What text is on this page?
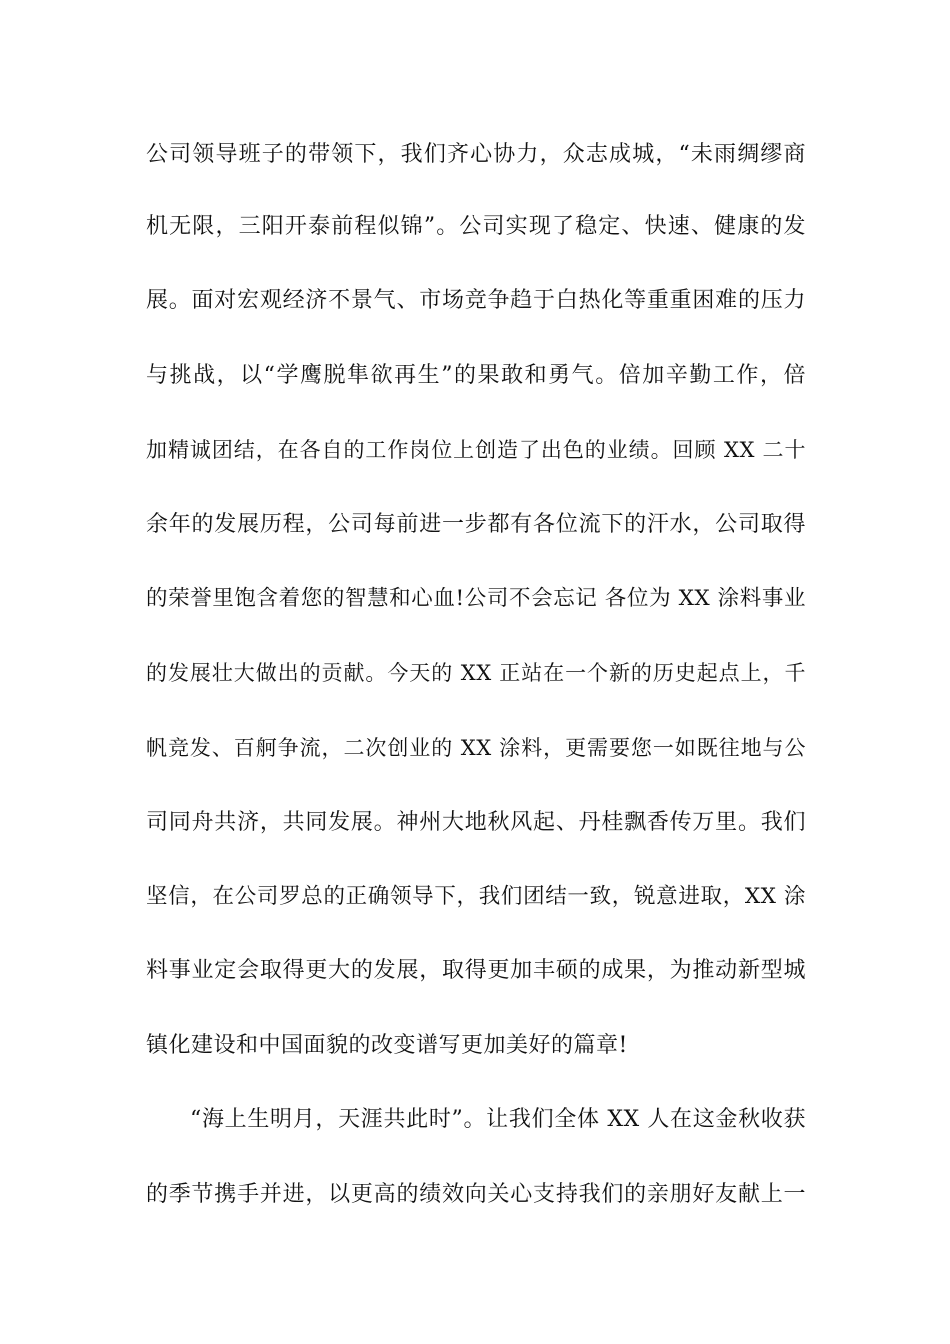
公司领导班子的带领下，我们齐心协力，众志成城，“未雨绸缪商
机无限，三阳开泰前程似锦”。公司实现了稳定、快速、健康的发
展。面对宏观经济不景气、市场竞争趋于白热化等重重困难的压力
与挑战，以“学鹰脱隼欲再生”的果敢和勇气。倍加辛勤工作，倍
加精诚团结，在各自的工作岗位上创造了出色的业绩。回顾 XX 二十
余年的发展历程，公司每前进一步都有各位流下的汗水，公司取得
的荣誉里饱含着您的智慧和心血!公司不会忘记 各位为 XX 涂料事业
的发展壮大做出的贡献。今天的 XX 正站在一个新的历史起点上，千
帆竞发、百舸争流，二次创业的 XX 涂料，更需要您一如既往地与公
司同舟共济，共同发展。神州大地秋风起、丹桂飘香传万里。我们
坚信，在公司罗总的正确领导下，我们团结一致，锐意进取，XX 涂
料事业定会取得更大的发展，取得更加丰硕的成果，为推动新型城
镇化建设和中国面貌的改变谱写更加美好的篇章!
“海上生明月，天涯共此时”。让我们全体 XX 人在这金秋收获
的季节携手并进，以更高的绩效向关心支持我们的亲朋好友献上一
